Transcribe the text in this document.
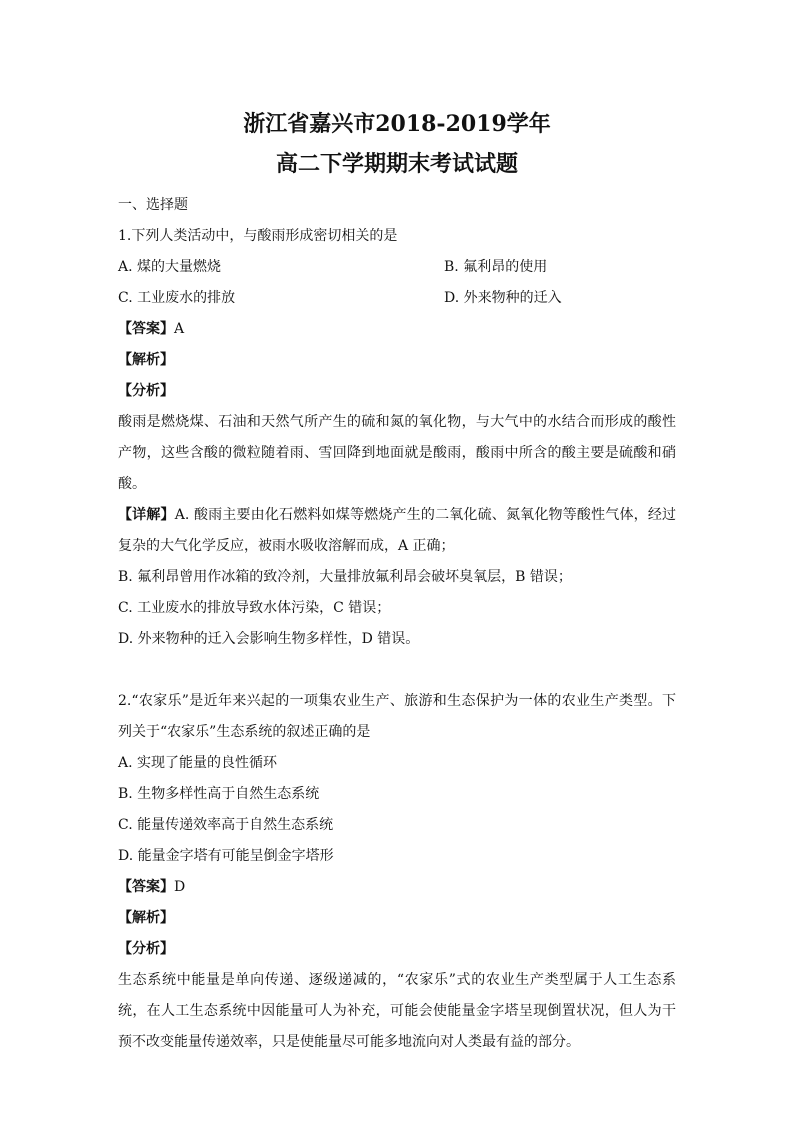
浙江省嘉兴市2018-2019学年
高二下学期期末考试试题
一、选择题
1.下列人类活动中，与酸雨形成密切相关的是
A. 煤的大量燃烧	B. 氟利昂的使用
C. 工业废水的排放	D. 外来物种的迁入
【答案】A
【解析】
【分析】
酸雨是燃烧煤、石油和天然气所产生的硫和氮的氧化物，与大气中的水结合而形成的酸性产物，这些含酸的微粒随着雨、雪回降到地面就是酸雨，酸雨中所含的酸主要是硫酸和硝酸。
【详解】A. 酸雨主要由化石燃料如煤等燃烧产生的二氧化硫、氮氧化物等酸性气体，经过复杂的大气化学反应，被雨水吸收溶解而成，A 正确；
B. 氟利昂曾用作冰箱的致冷剂，大量排放氟利昂会破坏臭氧层，B 错误；
C. 工业废水的排放导致水体污染，C 错误；
D. 外来物种的迁入会影响生物多样性，D 错误。
2.“农家乐”是近年来兴起的一项集农业生产、旅游和生态保护为一体的农业生产类型。下列关于“农家乐”生态系统的叙述正确的是
A. 实现了能量的良性循环
B. 生物多样性高于自然生态系统
C. 能量传递效率高于自然生态系统
D. 能量金字塔有可能呈倒金字塔形
【答案】D
【解析】
【分析】
生态系统中能量是单向传递、逐级递减的，“农家乐”式的农业生产类型属于人工生态系统，在人工生态系统中因能量可人为补充，可能会使能量金字塔呈现倒置状况，但人为干预不改变能量传递效率，只是使能量尽可能多地流向对人类最有益的部分。
